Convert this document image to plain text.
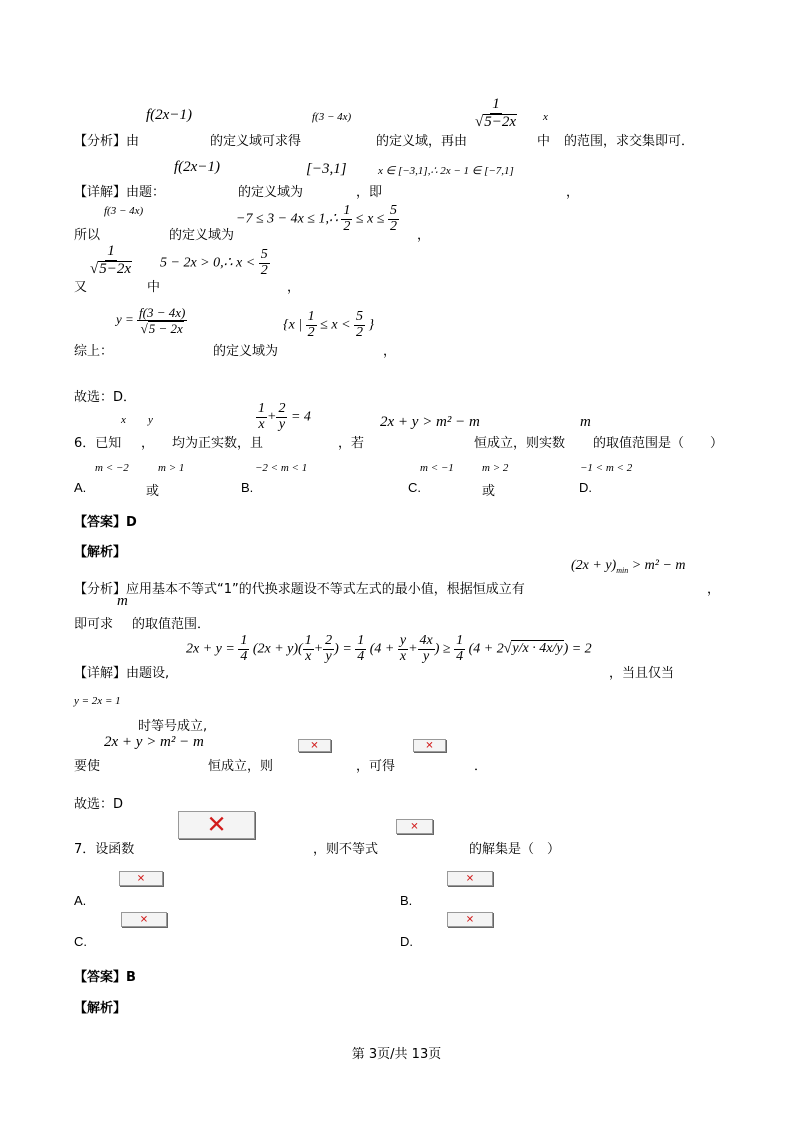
【分析】由
f(2x−1)
的定义域可求得
f(3 − 4x)
的定义域，再由
$\frac{1}{√5-2x}$
中
x
的范围，求交集即可．
【详解】由题：
f(2x−1)
的定义域为
[−3,1]
，即
x ∈ [−3,1],∴ 2x − 1 ∈ [−7,1]
，
所以
f(3 − 4x)
的定义域为
−7 ≤ 3 − 4x ≤ 1,∴ $\frac{1}{2} \le x \le \frac{5}{2}$
，
又
$\frac{1}{√5-2x}$
中
5 − 2x > 0,∴ $x < \frac{5}{2}$
，
综上：
$y = \frac{f(3 - 4x)}{√5 - 2x}$
的定义域为
{x | $\frac{1}{2} \le x < \frac{5}{2}$ }
，
故选：D．
6．已知
x
，
y
均为正实数，且
$\frac{1}{x} + \frac{2}{y} = 4$
，若
2x + y > m² − m
恒成立，则实数
m
的取值范围是（　　）
A.
m < −2
或
m > 1
B.
−2 < m < 1
C.
m < −1
或
m > 2
D.
−1 < m < 2
【答案】D
【解析】
【分析】应用基本不等式“1”的代换求题设不等式左式的最小值，根据恒成立有
$(2x + y)_{min} > m^2 - m$
，
m
即可求 的取值范围．
【详解】由题设,
$2x + y = \frac{1}{4} (2x + y)( \frac{1}{x} + \frac{2}{y}$ ) = $\frac{1}{4} (4 + \frac{y}{x} + \frac{4x}{y}$ ) ≥ $\frac{1}{4} (4 + 2√y/x \cdot 4x/y) = 2$
，当且仅当
y = 2x = 1
时等号成立,
2x + y > m² − m
✕
✕
要使	恒成立，则	，可得	．
故选：D
✕
✕
7．设函数	，则不等式	的解集是（　）
✕
A.
✕	B.
✕
C.
✕	D.
【答案】B
【解析】
第 3页/共 13页
